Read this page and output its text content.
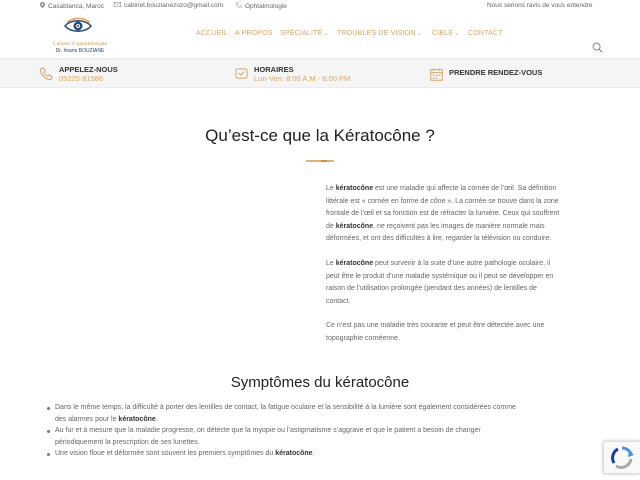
Casablanca, Maroc	cabinet.bouzianezozo@gmail.com	Ophtalmologie	Nous serions ravis de vous entendre
Cabinet d'ophtalmologie
Dr. Imane BOUZIANE
ACCUEIL A PROPOS SPÉCIALITÉ⌄ TROUBLES DE VISION⌄ CIBLE⌄ CONTACT
APPELEZ-NOUS
05225-81586
HORAIRES
Lun-Ven: 8:00 A.M - 6:00 PM
PRENDRE RENDEZ-VOUS
Qu’est-ce que la Kératocône ?
Le kératocône est une maladie qui affecte la cornée de l’œil. Sa définition
littérale est « cornée en forme de cône ». La cornée se trouve dans la zone
frontale de l’œil et sa fonction est de réfracter la lumière. Ceux qui souffrent
de kératocône, ne reçoivent pas les images de manière normale mais
déformées, et ont des difficultés à lire, regarder la télévision ou conduire.
Le kératocône peut survenir à la suite d’une autre pathologie oculaire, il
peut être le produit d’une maladie systémique ou il peut se développer en
raison de l’utilisation prolongée (pendant des années) de lentilles de
contact.
Ce n’est pas une maladie très courante et peut être détectée avec une
topographie cornéenne.
Symptômes du kératocône
Dans le même temps, la difficulté à porter des lentilles de contact, la fatigue oculaire et la sensibilité à la lumière sont également considérées comme
des alarmes pour le kératocône.
Au fur et à mesure que la maladie progresse, on détecte que la myopie ou l’astigmatisme s’aggrave et que le patient a besoin de changer
périodiquement la prescription de ses lunettes.
Une vision floue et déformée sont souvent les premiers symptômes du kératocône.
